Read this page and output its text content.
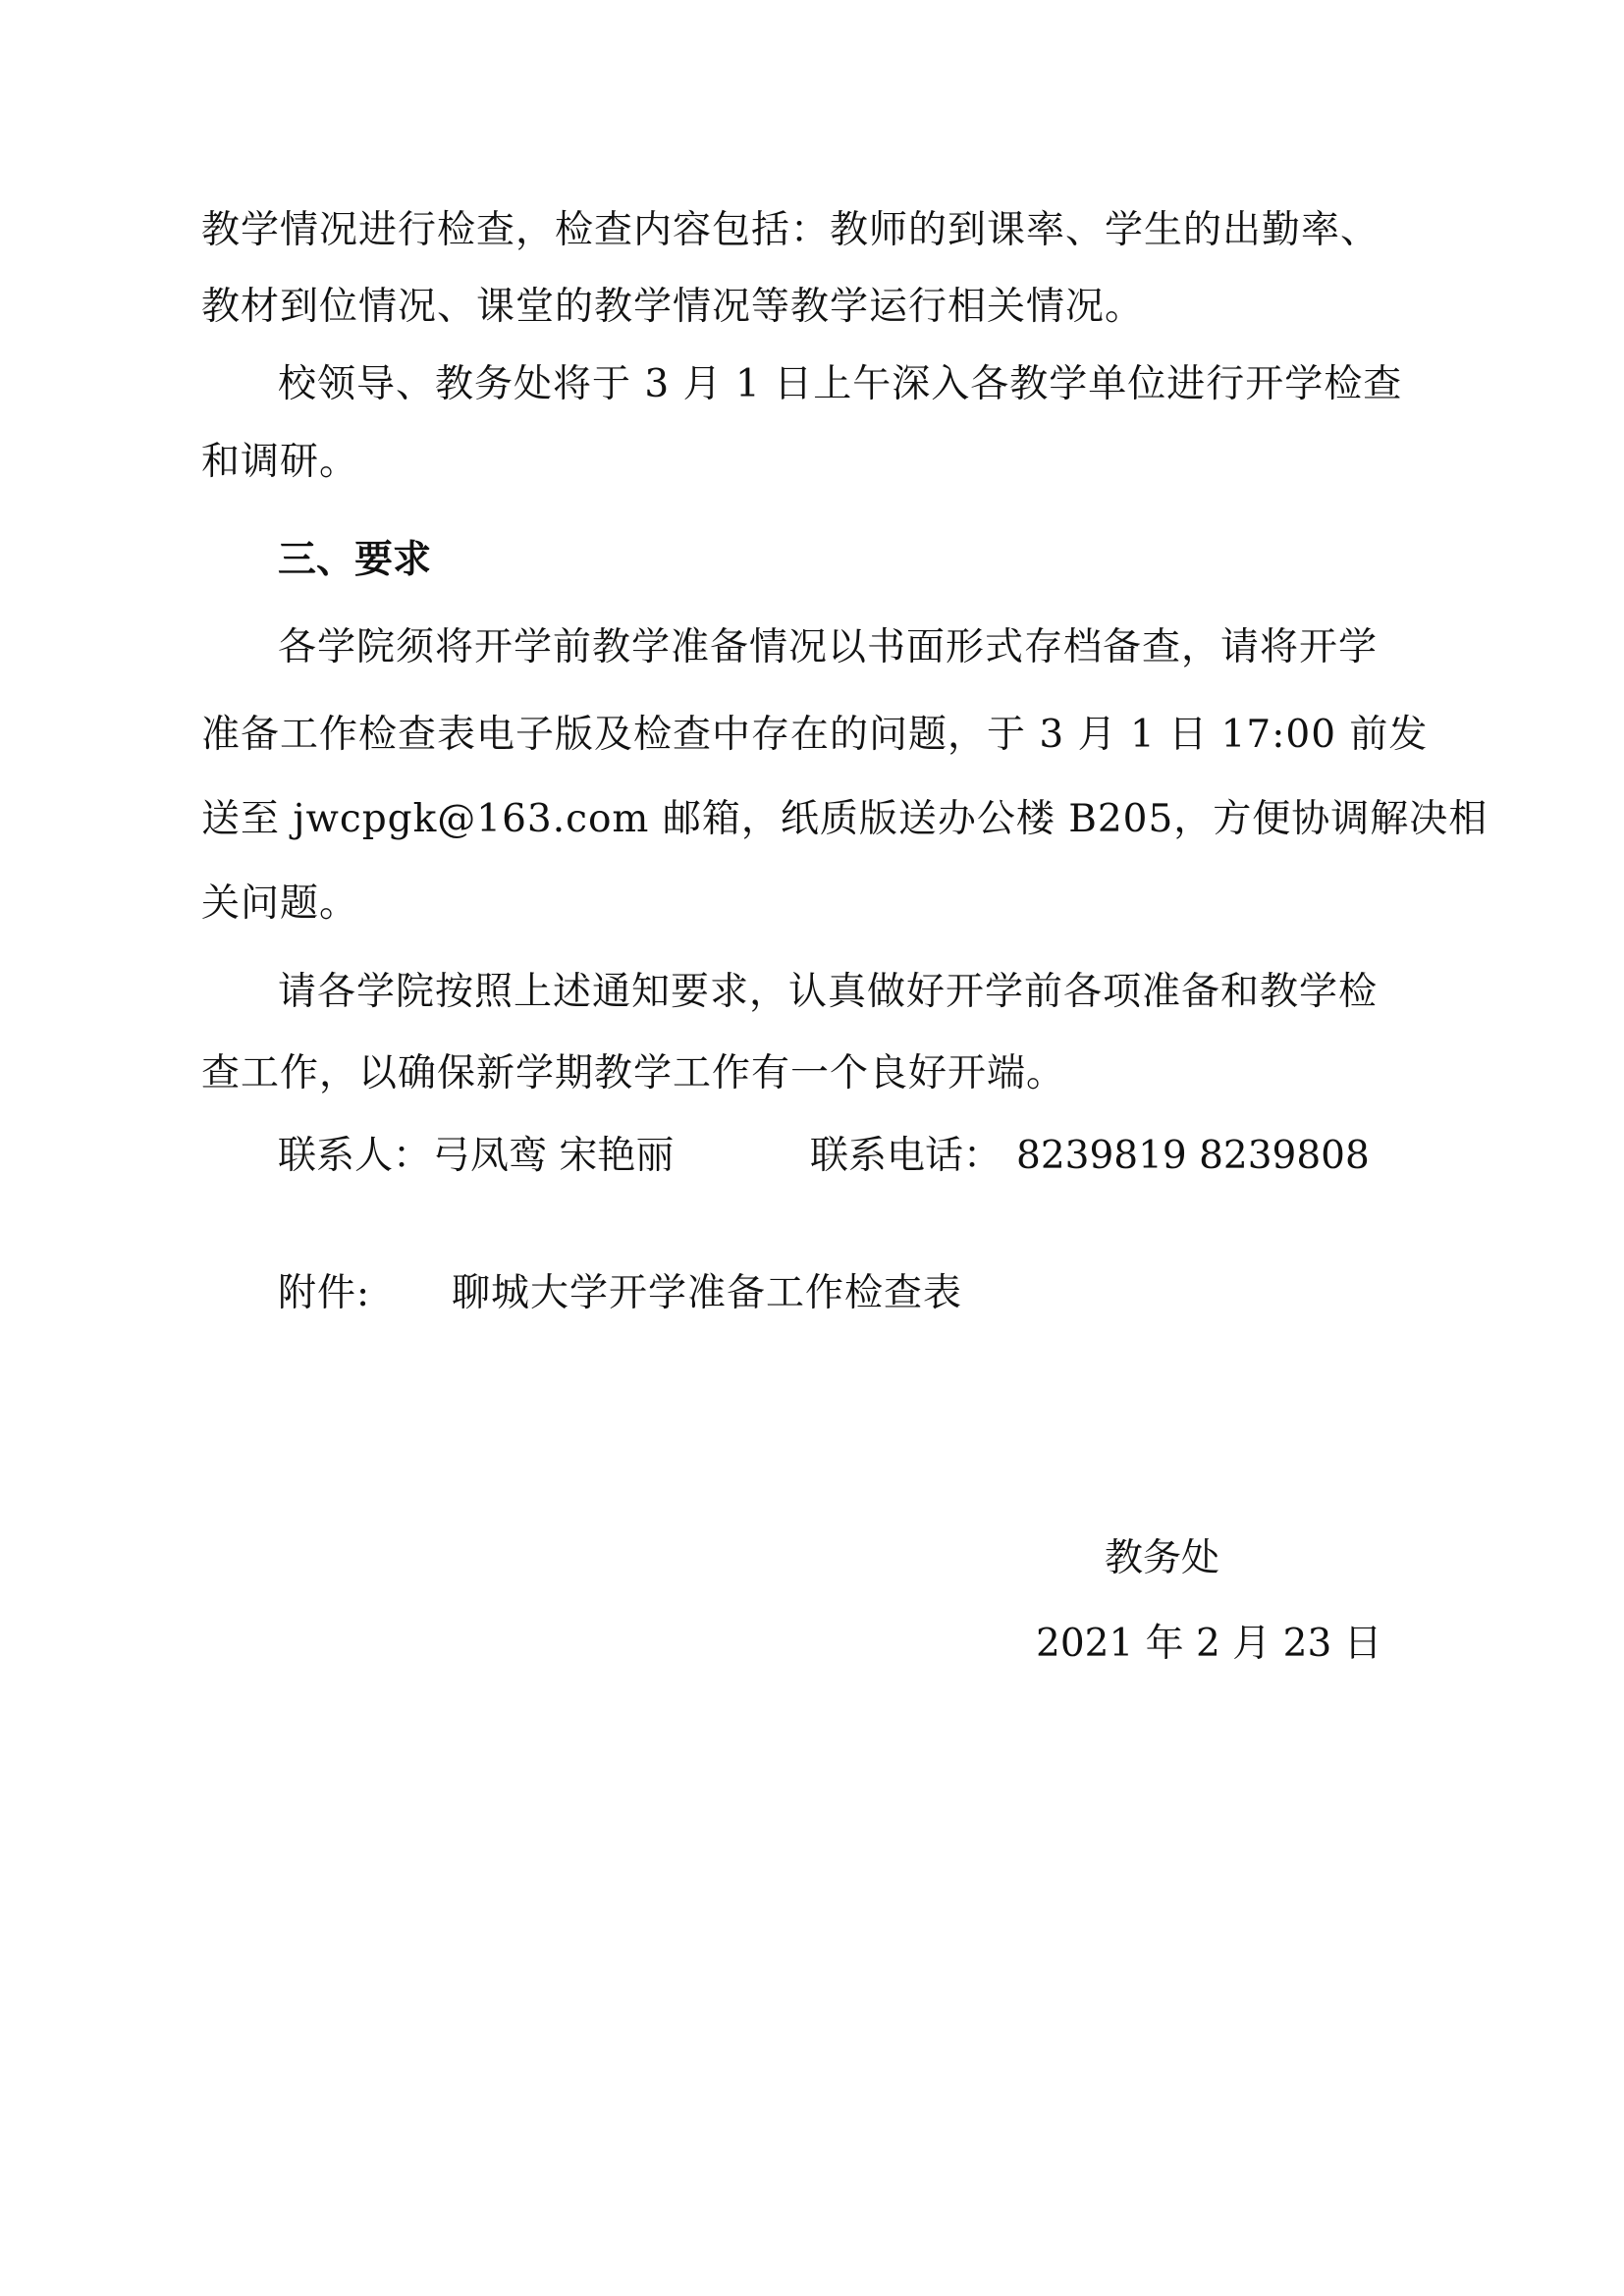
教学情况进行检查，检查内容包括：教师的到课率、学生的出勤率、
教材到位情况、课堂的教学情况等教学运行相关情况。
校领导、教务处将于 3 月 1 日上午深入各教学单位进行开学检查
和调研。
三、要求
各学院须将开学前教学准备情况以书面形式存档备查，请将开学
准备工作检查表电子版及检查中存在的问题，于 3 月 1 日 17:00 前发
送至 jwcpgk@163.com 邮箱，纸质版送办公楼 B205，方便协调解决相
关问题。
请各学院按照上述通知要求，认真做好开学前各项准备和教学检
查工作，以确保新学期教学工作有一个良好开端。
联系人： 弓凤鸾 宋艳丽	联系电话： 8239819 8239808
附件: 聊城大学开学准备工作检查表
教务处
2021 年 2 月 23 日
